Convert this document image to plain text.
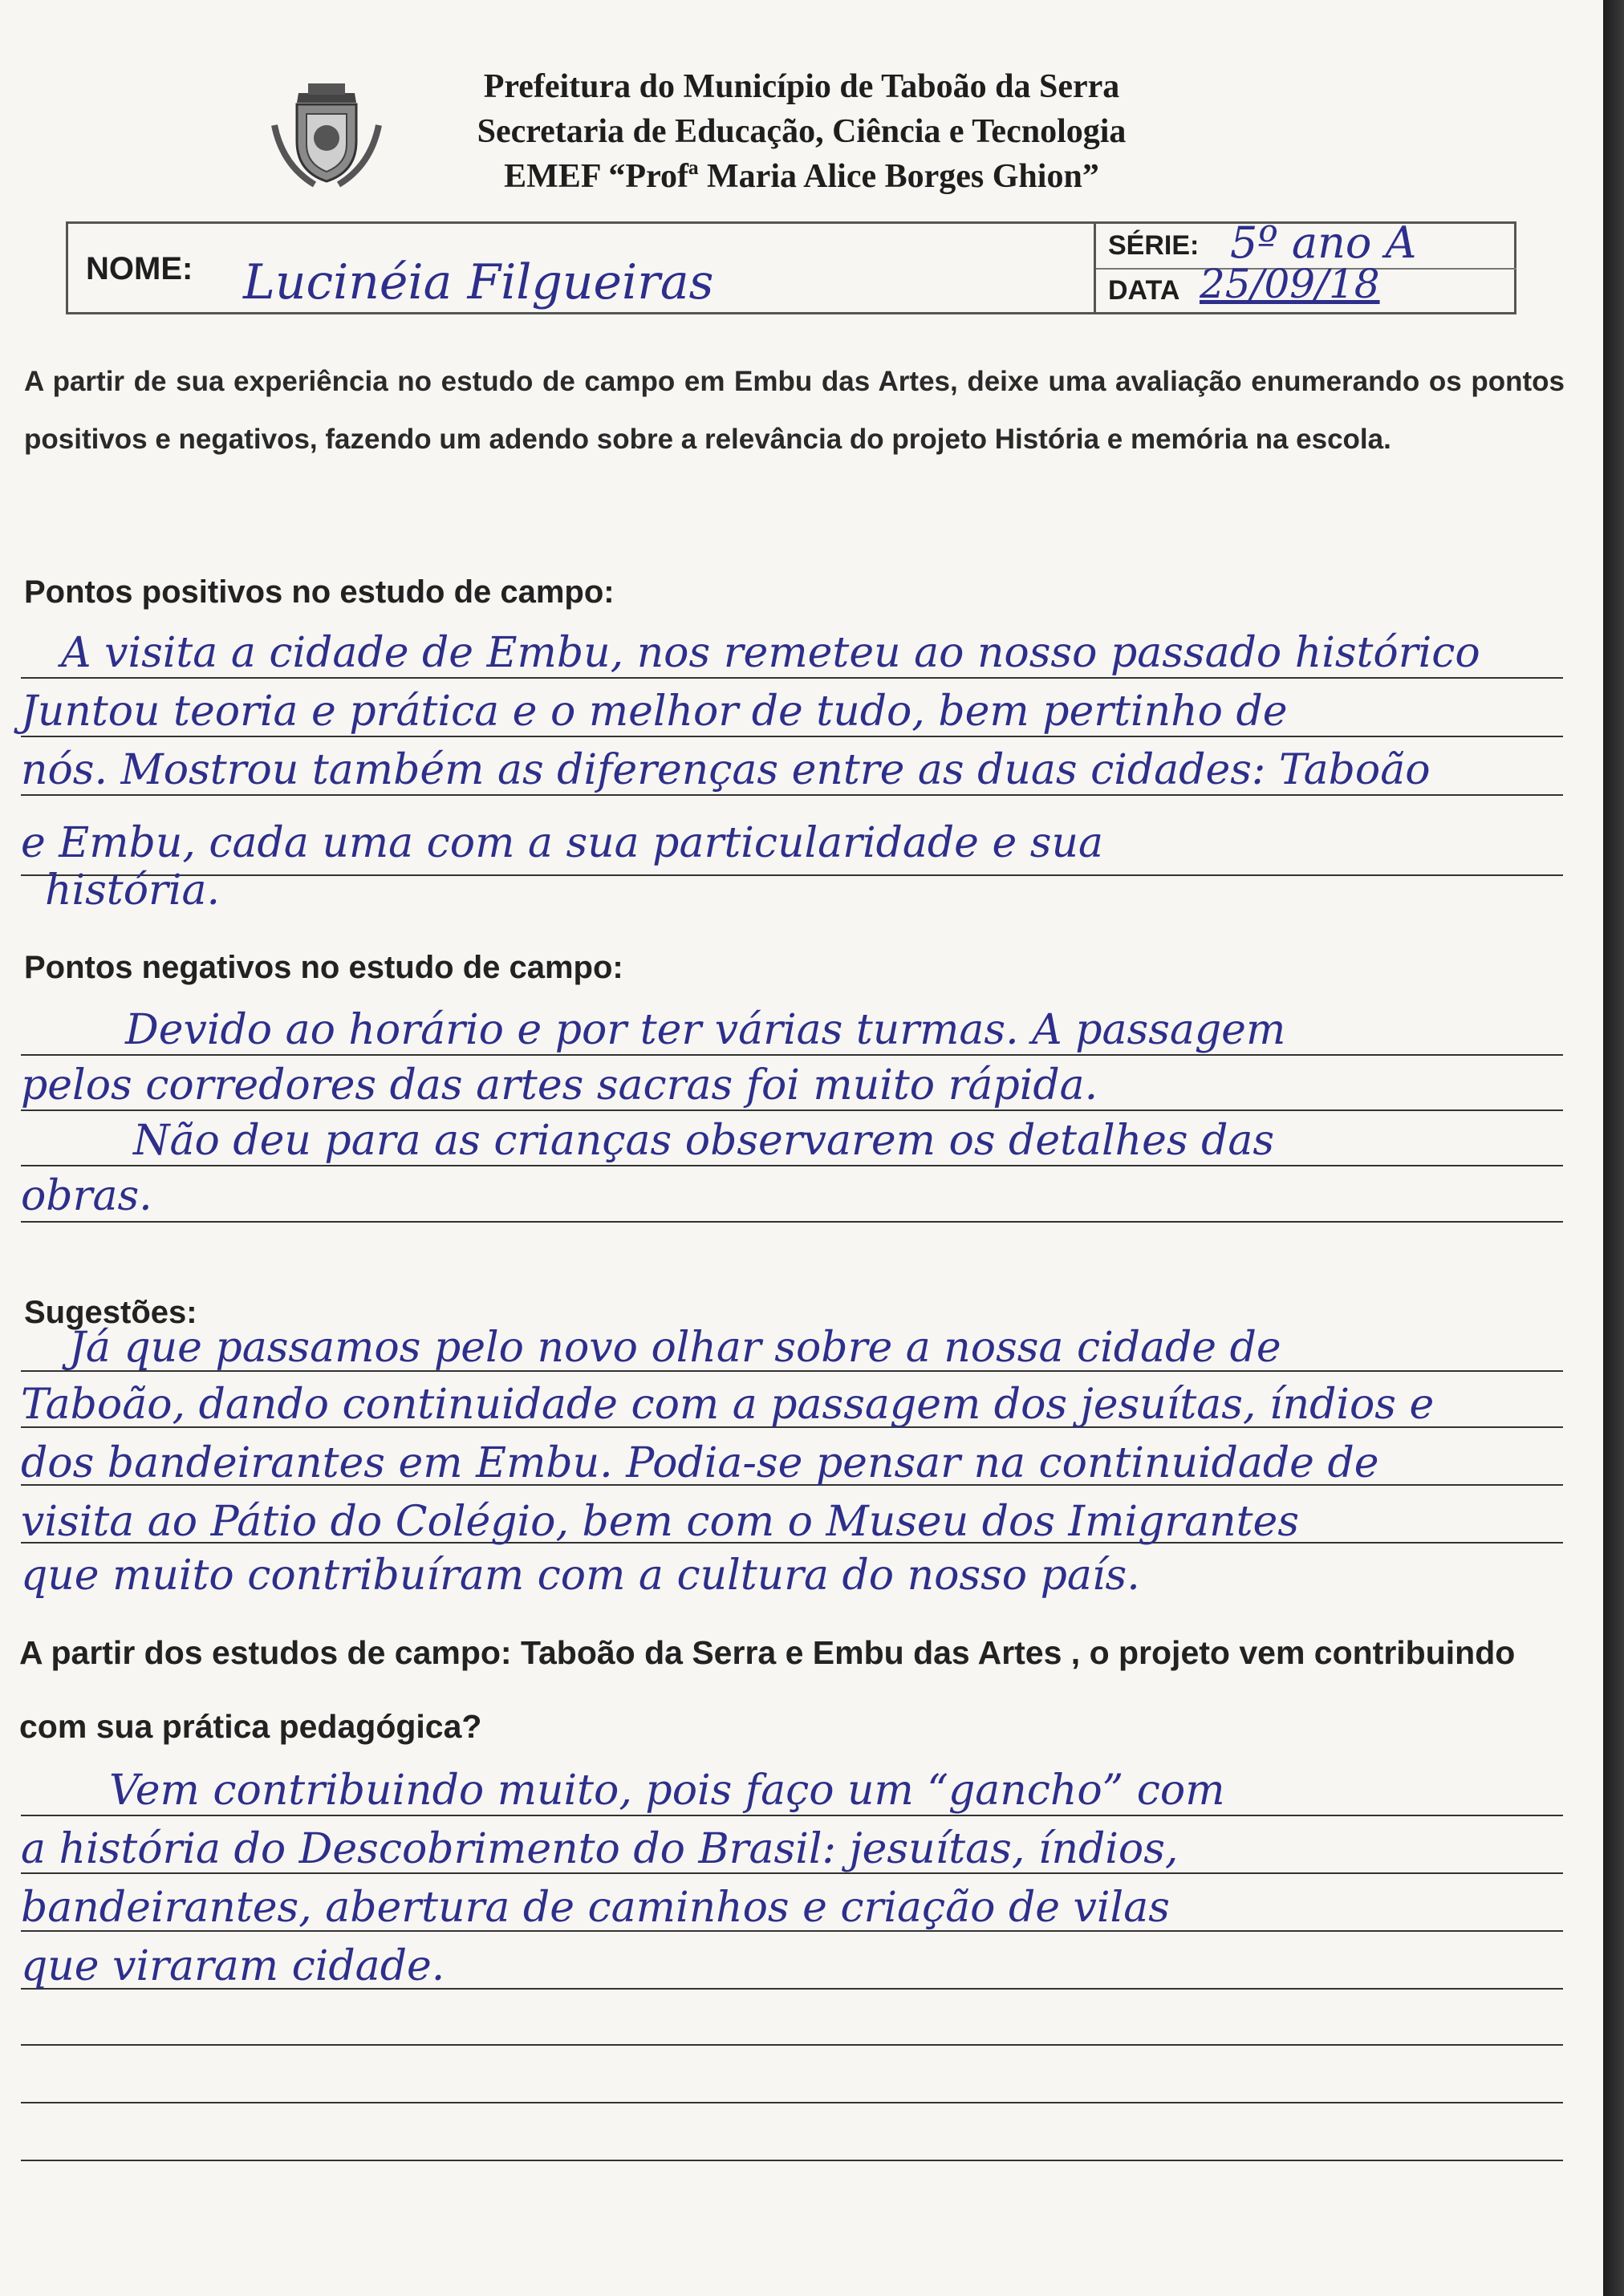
Prefeitura do Município de Taboão da Serra
Secretaria de Educação, Ciência e Tecnologia
EMEF “Profª Maria Alice Borges Ghion”
NOME: Lucinéia Filgueiras
SÉRIE: 5º ano A
DATA 25/09/18
A partir de sua experiência no estudo de campo em Embu das Artes, deixe uma avaliação enumerando os pontos positivos e negativos, fazendo um adendo sobre a relevância do projeto História e memória na escola.
Pontos positivos no estudo de campo:
A visita a cidade de Embu, nos remeteu ao nosso passado histórico
Juntou teoria e prática e o melhor de tudo, bem pertinho de
nós. Mostrou também as diferenças entre as duas cidades: Taboão
e Embu, cada uma com a sua particularidade e sua
história.
Pontos negativos no estudo de campo:
Devido ao horário e por ter várias turmas. A passagem
pelos corredores das artes sacras foi muito rápida.
Não deu para as crianças observarem os detalhes das
obras.
Sugestões:
Já que passamos pelo novo olhar sobre a nossa cidade de
Taboão, dando continuidade com a passagem dos jesuítas, índios e
dos bandeirantes em Embu. Podia-se pensar na continuidade de
visita ao Pátio do Colégio, bem com o Museu dos Imigrantes
que muito contribuíram com a cultura do nosso país.
A partir dos estudos de campo: Taboão da Serra e Embu das Artes , o projeto vem contribuindo com sua prática pedagógica?
Vem contribuindo muito, pois faço um “gancho” com
a história do Descobrimento do Brasil: jesuítas, índios,
bandeirantes, abertura de caminhos e criação de vilas
que viraram cidade.
